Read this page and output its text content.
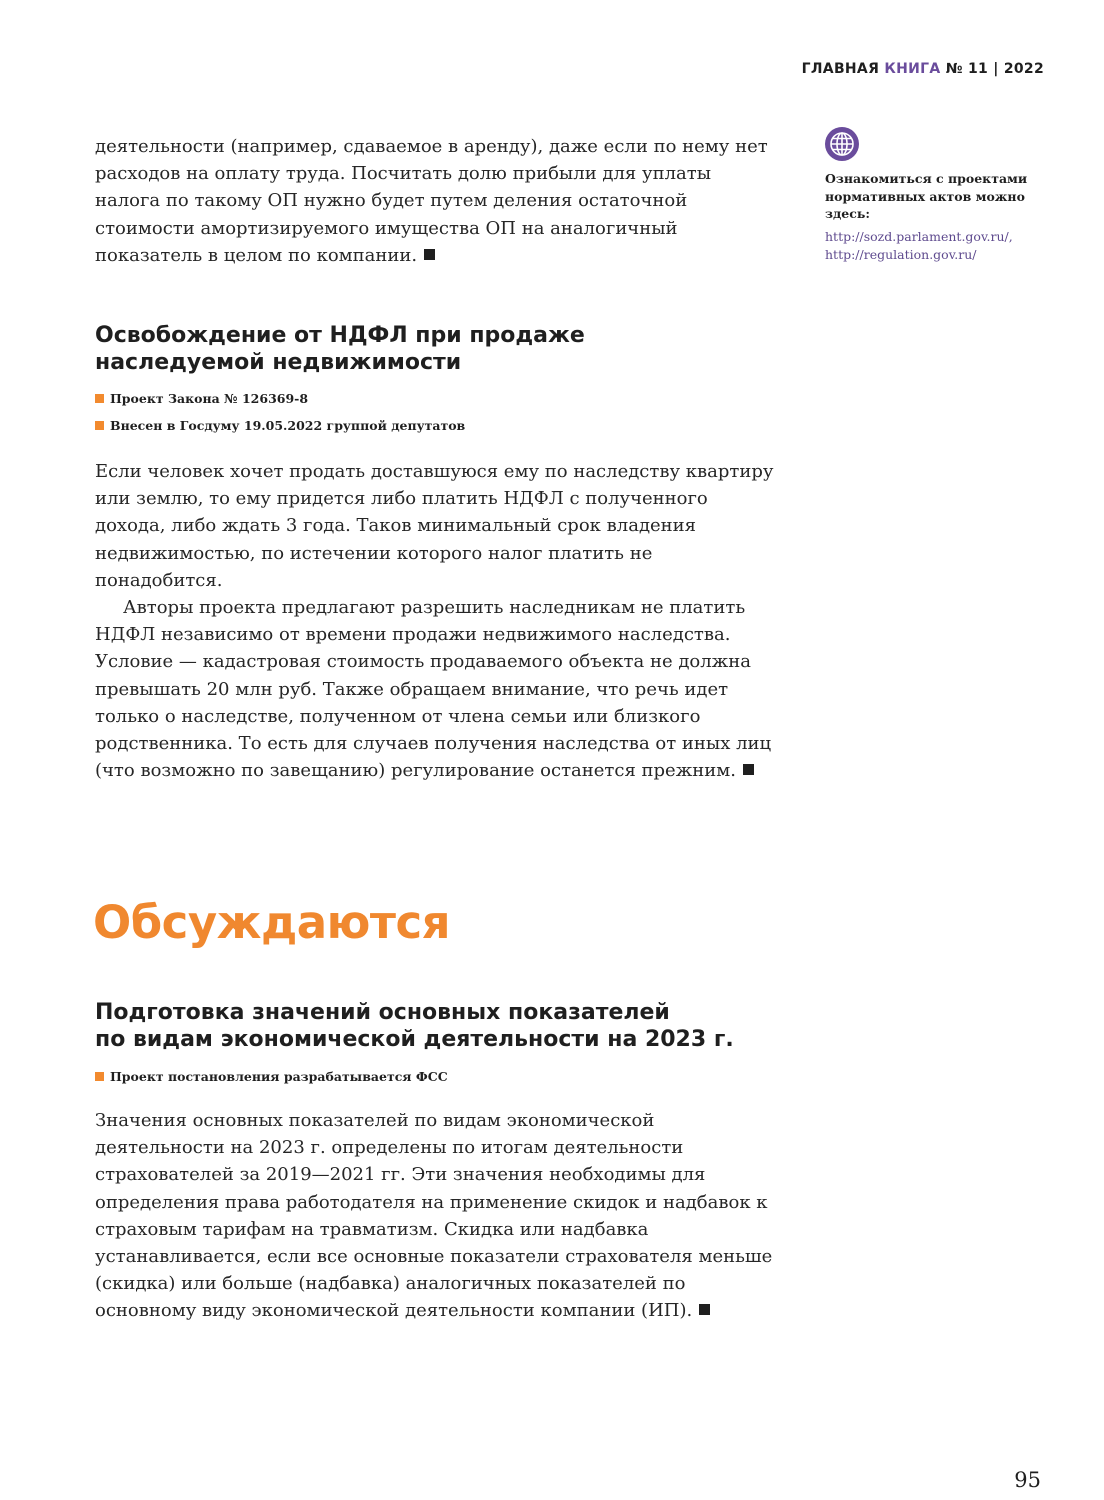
ГЛАВНАЯ КНИГА № 11 | 2022
Ознакомиться с проектами нормативных актов можно здесь:
http://sozd.parlament.gov.ru/,
http://regulation.gov.ru/

деятельности (например, сдаваемое в аренду), даже если по нему нет расходов на оплату труда. Посчитать долю прибыли для уплаты налога по такому ОП нужно будет путем деления остаточной стоимости амортизируемого имущества ОП на аналогичный показатель в целом по компании.

Освобождение от НДФЛ при продаже
наследуемой недвижимости
Проект Закона № 126369-8
Внесен в Госдуму 19.05.2022 группой депутатов

Если человек хочет продать доставшуюся ему по наследству квартиру или землю, то ему придется либо платить НДФЛ с полученного дохода, либо ждать 3 года. Таков минимальный срок владения недвижимостью, по истечении которого налог платить не понадобится.

Авторы проекта предлагают разрешить наследникам не платить НДФЛ независимо от времени продажи недвижимого наследства. Условие — кадастровая стоимость продаваемого объекта не должна превышать 20 млн руб. Также обращаем внимание, что речь идет только о наследстве, полученном от члена семьи или близкого родственника. То есть для случаев получения наследства от иных лиц (что возможно по завещанию) регулирование останется прежним.

Обсуждаются
Подготовка значений основных показателей
по видам экономической деятельности на 2023 г.
Проект постановления разрабатывается ФСС

Значения основных показателей по видам экономической деятельности на 2023 г. определены по итогам деятельности страхователей за 2019—2021 гг. Эти значения необходимы для определения права работодателя на применение скидок и надбавок к страховым тарифам на травматизм. Скидка или надбавка устанавливается, если все основные показатели страхователя меньше (скидка) или больше (надбавка) аналогичных показателей по основному виду экономической деятельности компании (ИП).

95
